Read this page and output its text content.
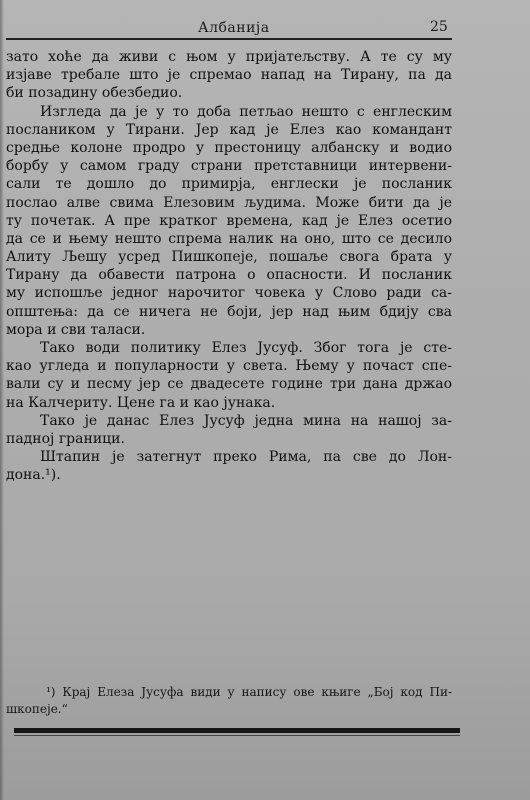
Албанија	25
зато хоће да живи с њом у пријатељству. А те су му
изјаве требале што је спремао напад на Тирану, па да
би позадину обезбедио.
Изгледа да је у то доба петљао нешто с енглеским
послаником у Тирани. Јер кад је Елез као командант
средње колоне продро у престоницу албанску и водио
борбу у самом граду страни претставници интервени-
сали те дошло до примирја, енглески је посланик
послао алве свима Елезовим људима. Може бити да је
ту почетак. А пре кратког времена, кад је Елез осетио
да се и њему нешто спрема налик на оно, што се десило
Алиту Љешу усред Пишкопеје, пошаље свога брата у
Тирану да обавести патрона о опасности. И посланик
му испошље једног нарочитог човека у Слово ради са-
општења: да се ничега не боји, јер над њим бдију сва
мора и сви таласи.
Тако води политику Елез Јусуф. Због тога је сте-
као угледа и популарности у света. Њему у почаст спе-
вали су и песму јер се двадесете године три дана држао
на Калчериту. Цене га и као јунака.
Тако је данас Елез Јусуф једна мина на нашој за-
падној граници.
Штапин је затегнут преко Рима, па све до Лон-
дона.¹).
¹) Крај Елеза Јусуфа види у напису ове књиге „Бој код Пи-
шкопеје.“
